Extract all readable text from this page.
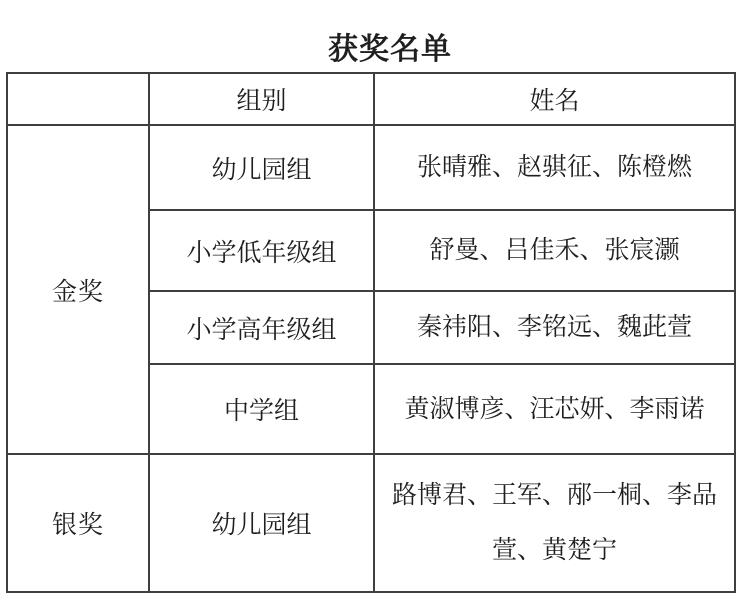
获奖名单
	组别	姓名
金奖	幼儿园组	张晴雅、赵骐征、陈橙燃
	小学低年级组	舒曼、吕佳禾、张宸灏
	小学高年级组	秦祎阳、李铭远、魏茈萱
	中学组	黄淑博彦、汪芯妍、李雨诺
银奖	幼儿园组	路博君、王军、邴一桐、李品萱、黄楚宁
